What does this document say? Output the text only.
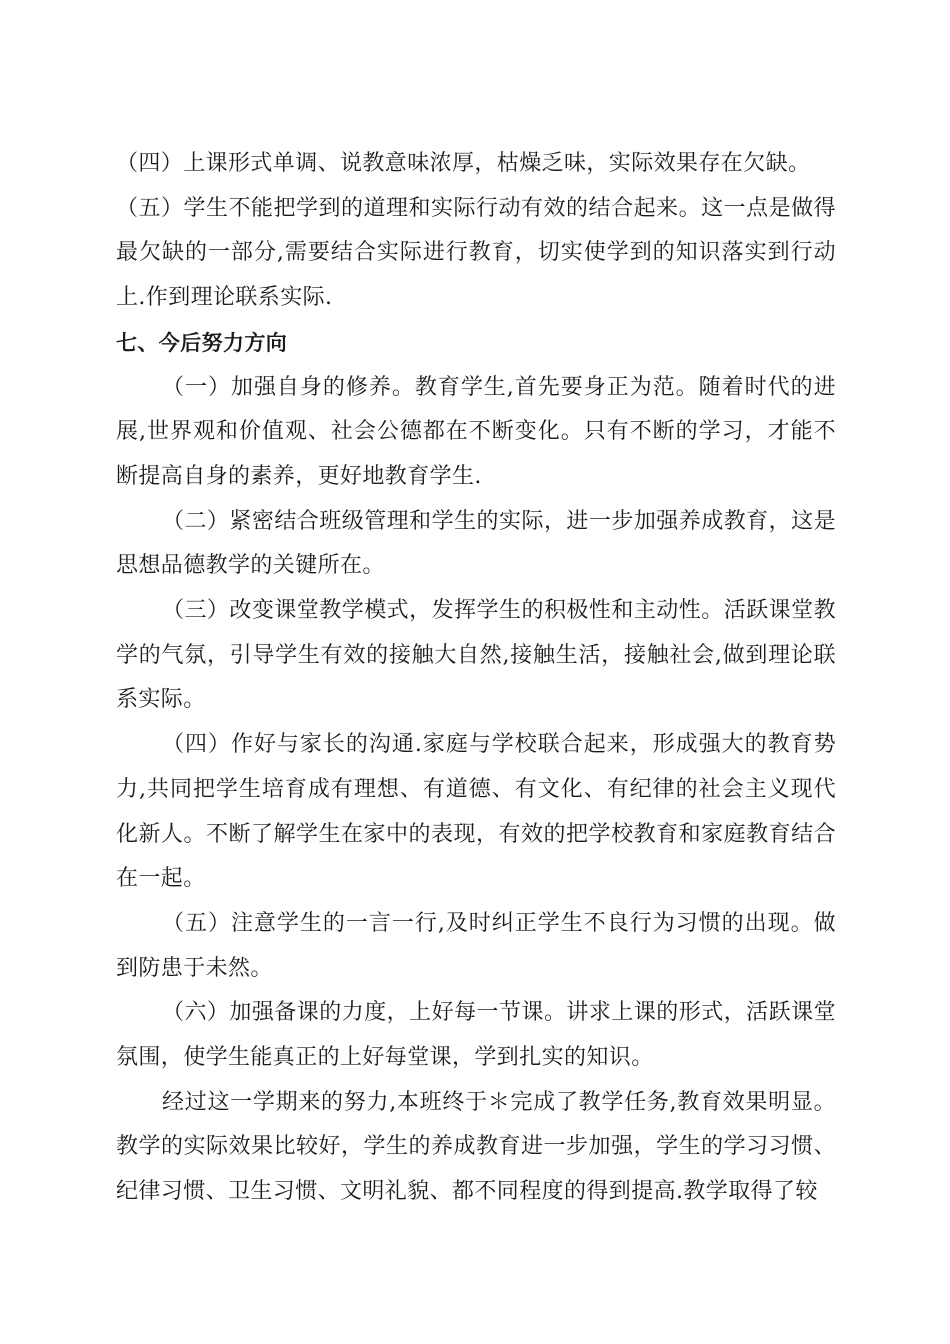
（四）上课形式单调、说教意味浓厚，枯燥乏味，实际效果存在欠缺。

（五）学生不能把学到的道理和实际行动有效的结合起来。这一点是做得最欠缺的一部分,需要结合实际进行教育，切实使学到的知识落实到行动上.作到理论联系实际.

七、今后努力方向

（一）加强自身的修养。教育学生,首先要身正为范。随着时代的进展,世界观和价值观、社会公德都在不断变化。只有不断的学习，才能不断提高自身的素养，更好地教育学生.

（二）紧密结合班级管理和学生的实际，进一步加强养成教育，这是思想品德教学的关键所在。

（三）改变课堂教学模式，发挥学生的积极性和主动性。活跃课堂教学的气氛，引导学生有效的接触大自然,接触生活，接触社会,做到理论联系实际。

（四）作好与家长的沟通.家庭与学校联合起来，形成强大的教育势力,共同把学生培育成有理想、有道德、有文化、有纪律的社会主义现代化新人。不断了解学生在家中的表现，有效的把学校教育和家庭教育结合在一起。

（五）注意学生的一言一行,及时纠正学生不良行为习惯的出现。做到防患于未然。

（六）加强备课的力度，上好每一节课。讲求上课的形式，活跃课堂氛围，使学生能真正的上好每堂课，学到扎实的知识。

经过这一学期来的努力,本班终于＊完成了教学任务,教育效果明显。教学的实际效果比较好，学生的养成教育进一步加强，学生的学习习惯、纪律习惯、卫生习惯、文明礼貌、都不同程度的得到提高.教学取得了较
